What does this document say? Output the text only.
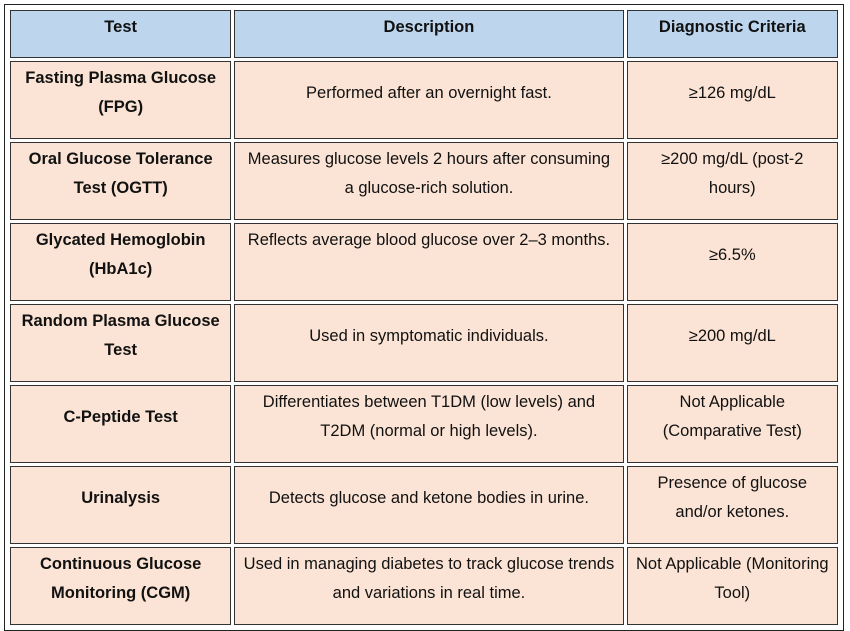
Test	Description	Diagnostic Criteria
Fasting Plasma Glucose (FPG)	Performed after an overnight fast.	≥126 mg/dL
Oral Glucose Tolerance Test (OGTT)	Measures glucose levels 2 hours after consuming a glucose-rich solution.	≥200 mg/dL (post-2 hours)
Glycated Hemoglobin (HbA1c)	Reflects average blood glucose over 2–3 months.	≥6.5%
Random Plasma Glucose Test	Used in symptomatic individuals.	≥200 mg/dL
C-Peptide Test	Differentiates between T1DM (low levels) and T2DM (normal or high levels).	Not Applicable (Comparative Test)
Urinalysis	Detects glucose and ketone bodies in urine.	Presence of glucose and/or ketones.
Continuous Glucose Monitoring (CGM)	Used in managing diabetes to track glucose trends and variations in real time.	Not Applicable (Monitoring Tool)
